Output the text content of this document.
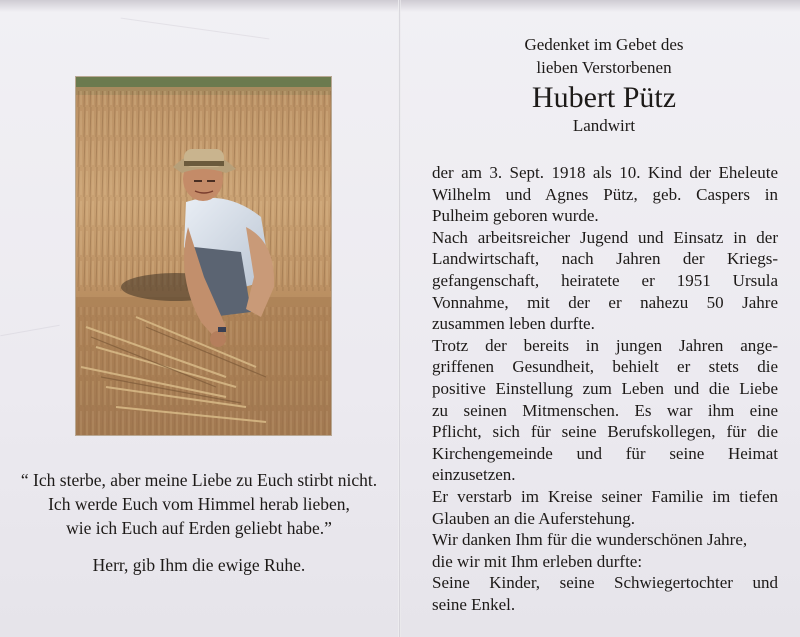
“ Ich sterbe, aber meine Liebe zu Euch stirbt nicht.
Ich werde Euch vom Himmel herab lieben,
wie ich Euch auf Erden geliebt habe.”
Herr, gib Ihm die ewige Ruhe.
Gedenket im Gebet des
lieben Verstorbenen
Hubert Pütz
Landwirt

der am 3. Sept. 1918 als 10. Kind der Eheleute

Wilhelm und Agnes Pütz, geb. Caspers in

Pulheim geboren wurde.

Nach arbeitsreicher Jugend und Einsatz in der

Landwirtschaft, nach Jahren der Kriegs-

gefangenschaft, heiratete er 1951 Ursula

Vonnahme, mit der er nahezu 50 Jahre

zusammen leben durfte.

Trotz der bereits in jungen Jahren ange-

griffenen Gesundheit, behielt er stets die

positive Einstellung zum Leben und die Liebe

zu seinen Mitmenschen. Es war ihm eine

Pflicht, sich für seine Berufskollegen, für die

Kirchengemeinde und für seine Heimat

einzusetzen.

Er verstarb im Kreise seiner Familie im tiefen

Glauben an die Auferstehung.

Wir danken Ihm für die wunderschönen Jahre,

die wir mit Ihm erleben durfte:

Seine Kinder, seine Schwiegertochter und

seine Enkel.
